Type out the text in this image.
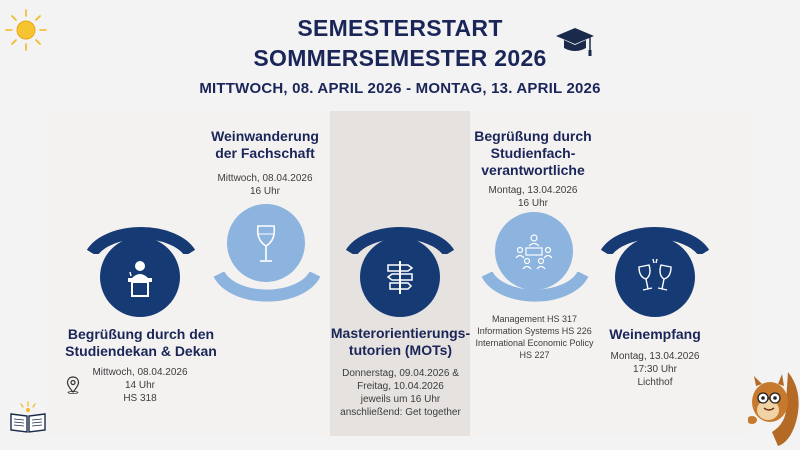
SEMESTERSTART
SOMMERSEMESTER 2026
MITTWOCH, 08. APRIL 2026 - MONTAG, 13. APRIL 2026
Begrüßung durch den
Studiendekan & Dekan
Mittwoch, 08.04.2026
14 Uhr
HS 318
Weinwanderung
der Fachschaft
Mittwoch, 08.04.2026
16 Uhr
Masterorientierungs-
tutorien (MOTs)
Donnerstag, 09.04.2026 &
Freitag, 10.04.2026
jeweils um 16 Uhr
anschließend: Get together
Begrüßung durch
Studienfach-
verantwortliche
Montag, 13.04.2026
16 Uhr
Management HS 317
Information Systems HS 226
International Economic Policy
HS 227
Weinempfang
Montag, 13.04.2026
17:30 Uhr
Lichthof
